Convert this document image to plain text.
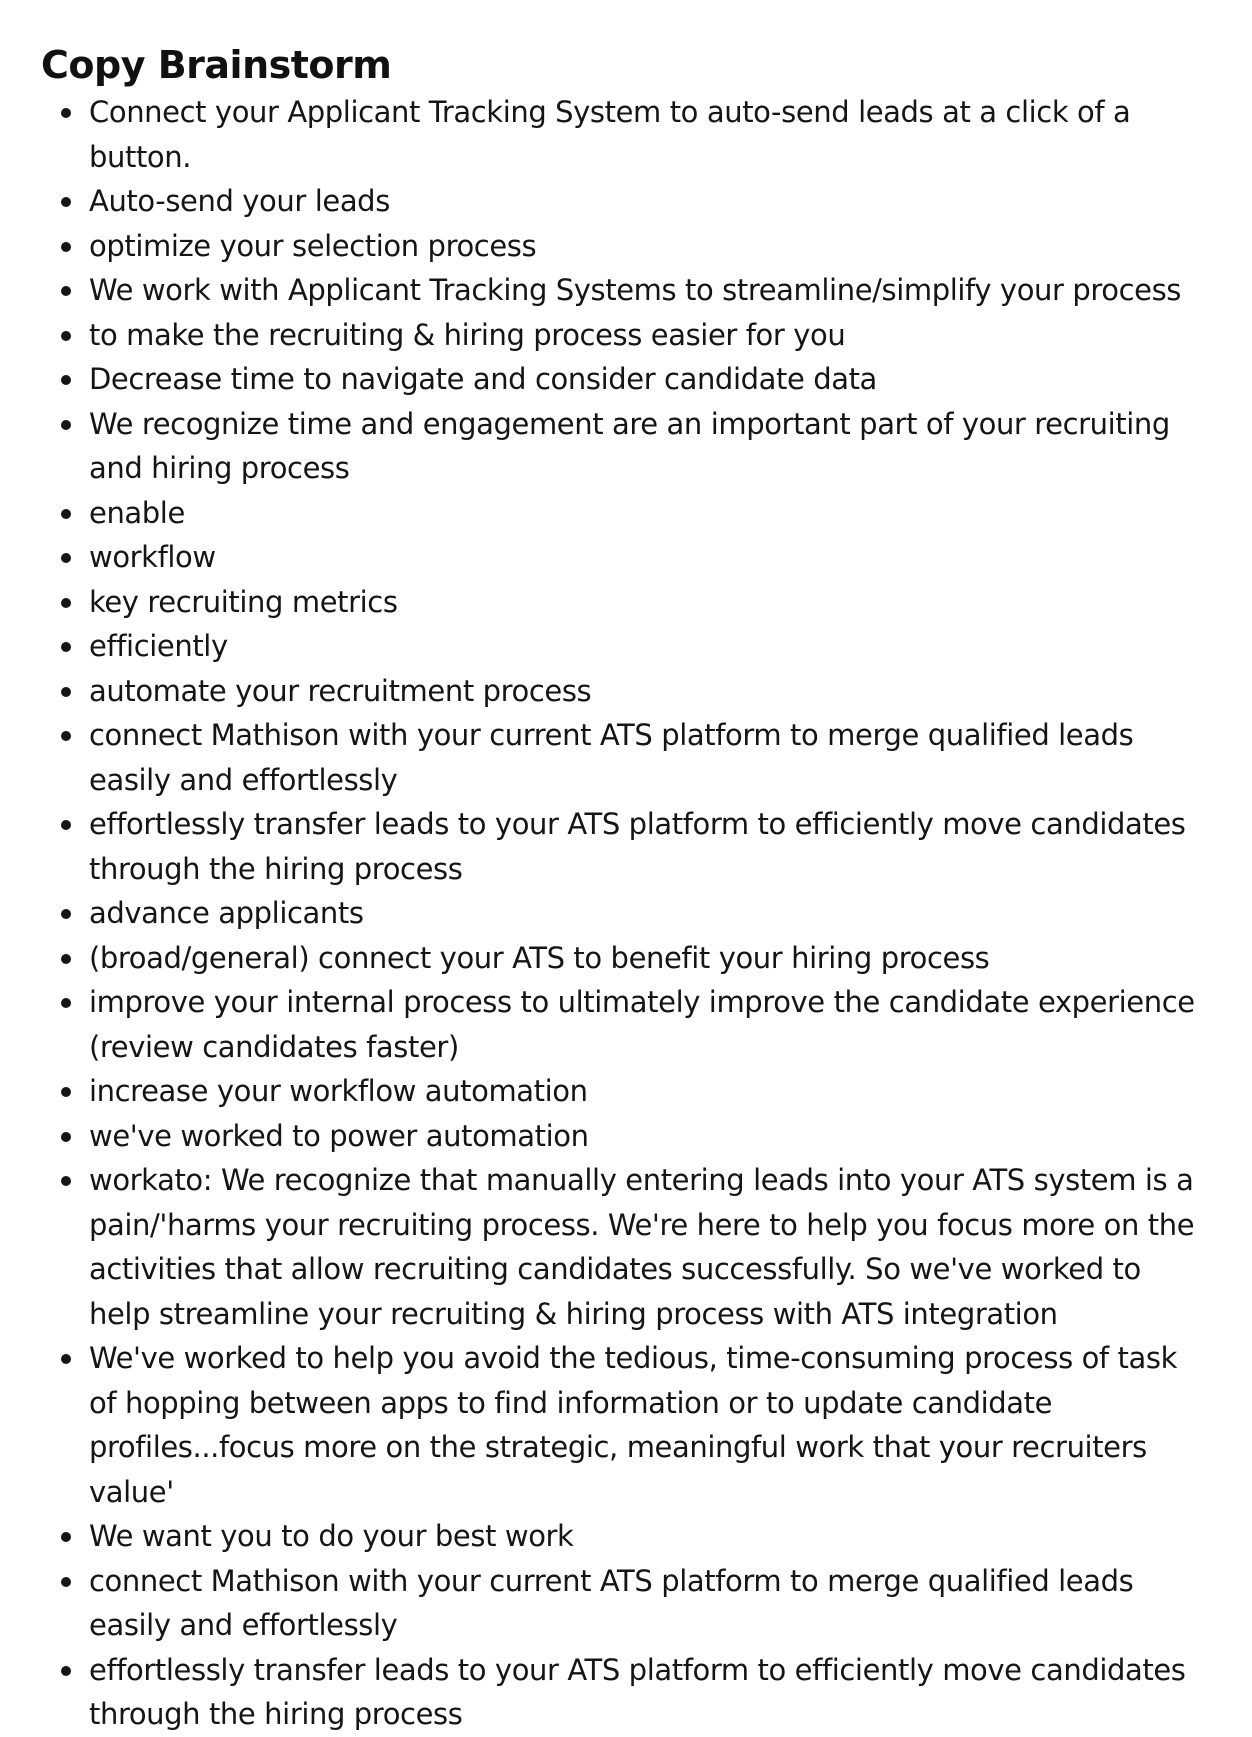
Copy Brainstorm
Connect your Applicant Tracking System to auto-send leads at a click of a button.
Auto-send your leads
optimize your selection process
We work with Applicant Tracking Systems to streamline/simplify your process
to make the recruiting & hiring process easier for you
Decrease time to navigate and consider candidate data
We recognize time and engagement are an important part of your recruiting and hiring process
enable
workflow
key recruiting metrics
efficiently
automate your recruitment process
connect Mathison with your current ATS platform to merge qualified leads easily and effortlessly
effortlessly transfer leads to your ATS platform to efficiently move candidates through the hiring process
advance applicants
(broad/general) connect your ATS to benefit your hiring process
improve your internal process to ultimately improve the candidate experience (review candidates faster)
increase your workflow automation
we've worked to power automation
workato: We recognize that manually entering leads into your ATS system is a pain/'harms your recruiting process. We're here to help you focus more on the activities that allow recruiting candidates successfully. So we've worked to help streamline your recruiting & hiring process with ATS integration
We've worked to help you avoid the tedious, time-consuming process of task of hopping between apps to find information or to update candidate profiles...focus more on the strategic, meaningful work that your recruiters value'
We want you to do your best work
connect Mathison with your current ATS platform to merge qualified leads easily and effortlessly
effortlessly transfer leads to your ATS platform to efficiently move candidates through the hiring process
